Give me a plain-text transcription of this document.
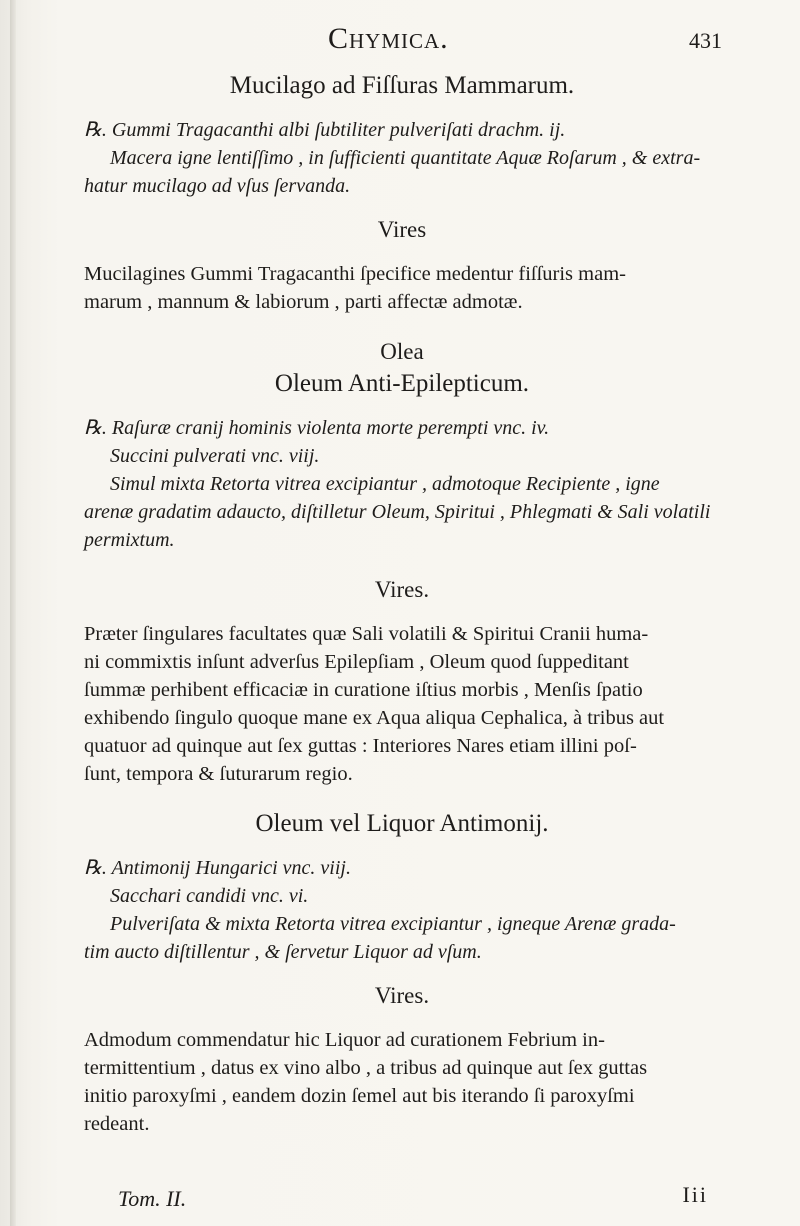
Chymica.	431

Mucilago ad Fiſſuras Mammarum.

℞. Gummi Tragacanthi albi ſubtiliter pulveriſati drachm. ij.
Macera igne lentiſſimo , in ſufficienti quantitate Aquæ Roſarum , & extra-
hatur mucilago ad vſus ſervanda.

Vires

Mucilagines Gummi Tragacanthi ſpecifice medentur fiſſuris mam-
marum , mannum & labiorum , parti affectæ admotæ.

Olea

Oleum Anti-Epilepticum.

℞. Raſuræ cranij hominis violenta morte perempti vnc. iv.
Succini pulverati vnc. viij.
Simul mixta Retorta vitrea excipiantur , admotoque Recipiente , igne
arenæ gradatim adaucto, diſtilletur Oleum, Spiritui , Phlegmati & Sali volatili
permixtum.

Vires.

Præter ſingulares facultates quæ Sali volatili & Spiritui Cranii huma-
ni commixtis inſunt adverſus Epilepſiam , Oleum quod ſuppeditant
ſummæ perhibent efficaciæ in curatione iſtius morbis , Menſis ſpatio
exhibendo ſingulo quoque mane ex Aqua aliqua Cephalica, à tribus aut
quatuor ad quinque aut ſex guttas : Interiores Nares etiam illini poſ-
ſunt, tempora & ſuturarum regio.

Oleum vel Liquor Antimonij.

℞. Antimonij Hungarici vnc. viij.
Sacchari candidi vnc. vi.
Pulveriſata & mixta Retorta vitrea excipiantur , igneque Arenæ grada-
tim aucto diſtillentur , & ſervetur Liquor ad vſum.

Vires.

Admodum commendatur hic Liquor ad curationem Febrium in-
termittentium , datus ex vino albo , a tribus ad quinque aut ſex guttas
initio paroxyſmi , eandem dozin ſemel aut bis iterando ſi paroxyſmi
redeant.
Tom. II.	Iii
